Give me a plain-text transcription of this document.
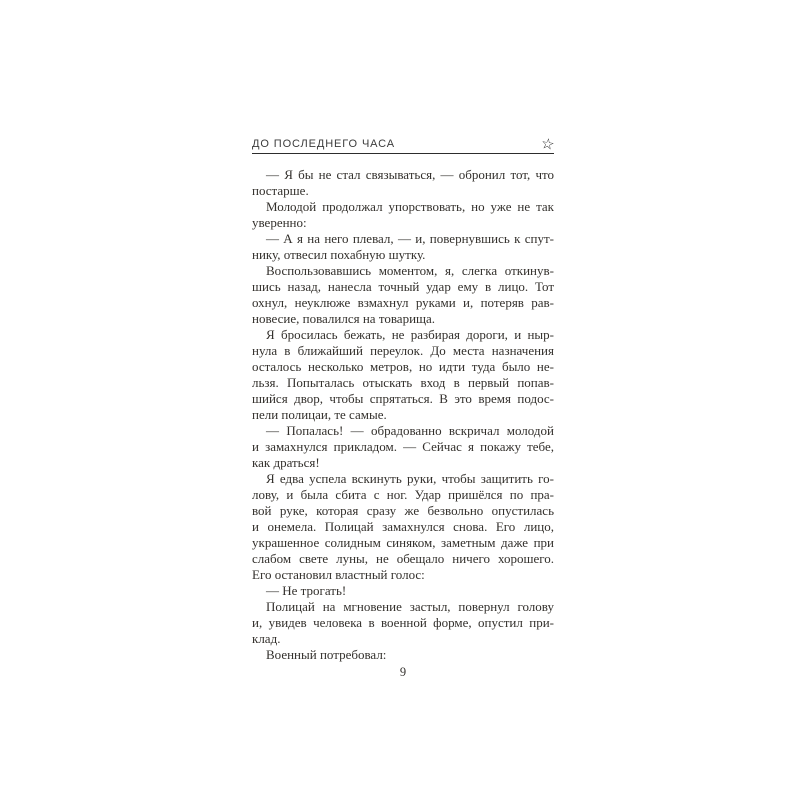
ДО ПОСЛЕДНЕГО ЧАСА	☆
— Я бы не стал связываться, — обронил тот, что
постарше.
Молодой продолжал упорствовать, но уже не так
уверенно:
— А я на него плевал, — и, повернувшись к спут-
нику, отвесил похабную шутку.
Воспользовавшись моментом, я, слегка откинув-
шись назад, нанесла точный удар ему в лицо. Тот
охнул, неуклюже взмахнул руками и, потеряв рав-
новесие, повалился на товарища.
Я бросилась бежать, не разбирая дороги, и ныр-
нула в ближайший переулок. До места назначения
осталось несколько метров, но идти туда было не-
льзя. Попыталась отыскать вход в первый попав-
шийся двор, чтобы спрятаться. В это время подос-
пели полицаи, те самые.
— Попалась! — обрадованно вскричал молодой
и замахнулся прикладом. — Сейчас я покажу тебе,
как драться!
Я едва успела вскинуть руки, чтобы защитить го-
лову, и была сбита с ног. Удар пришёлся по пра-
вой руке, которая сразу же безвольно опустилась
и онемела. Полицай замахнулся снова. Его лицо,
украшенное солидным синяком, заметным даже при
слабом свете луны, не обещало ничего хорошего.
Его остановил властный голос:
— Не трогать!
Полицай на мгновение застыл, повернул голову
и, увидев человека в военной форме, опустил при-
клад.
Военный потребовал:
9
